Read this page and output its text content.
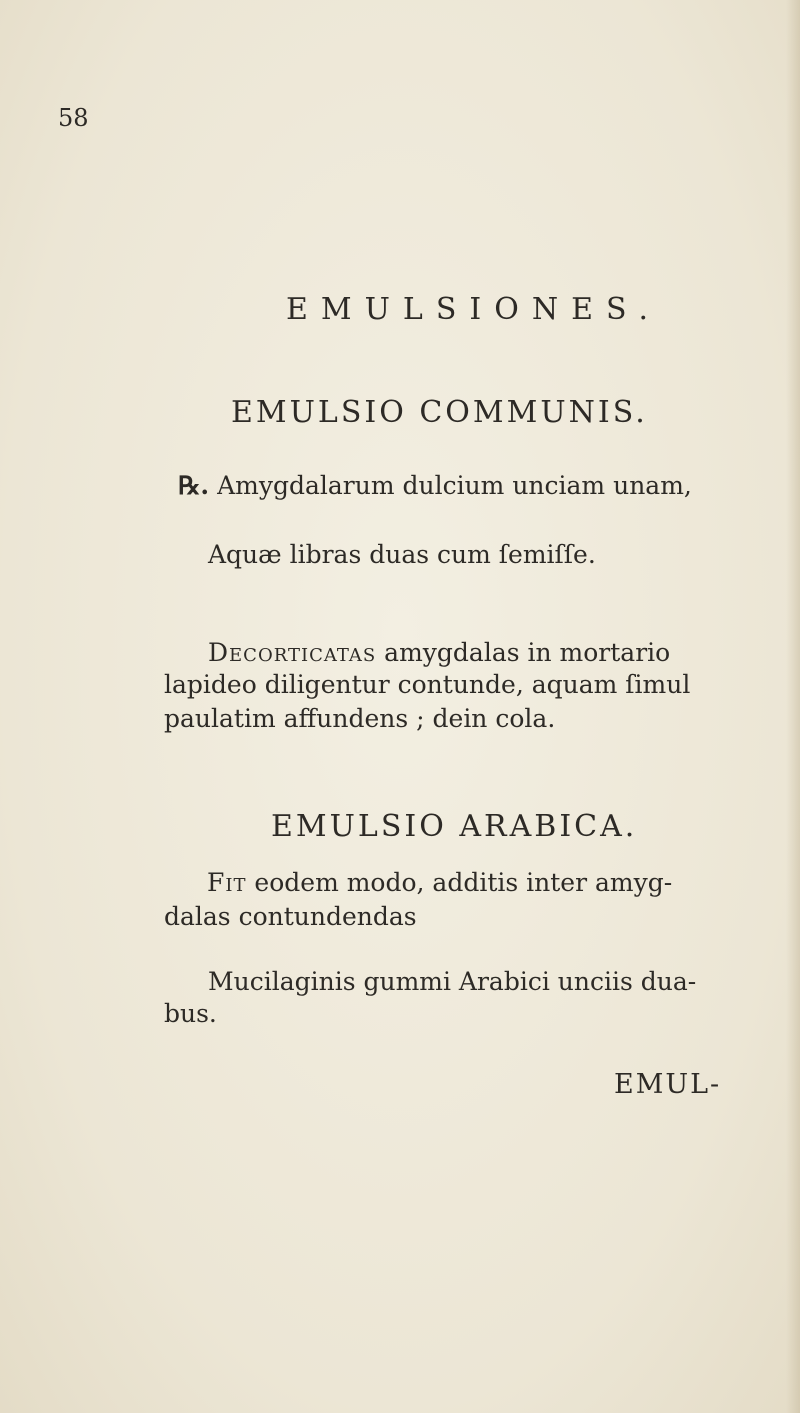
58
EMULSIONES.
EMULSIO COMMUNIS.
℞. Amygdalarum dulcium unciam unam,
Aquæ libras duas cum ſemiſſe.
Decorticatas amygdalas in mortario
lapideo diligentur contunde, aquam ſimul
paulatim affundens ; dein cola.
EMULSIO ARABICA.
Fit eodem modo, additis inter amyg-
dalas contundendas
Mucilaginis gummi Arabici unciis dua-
bus.
EMUL-
